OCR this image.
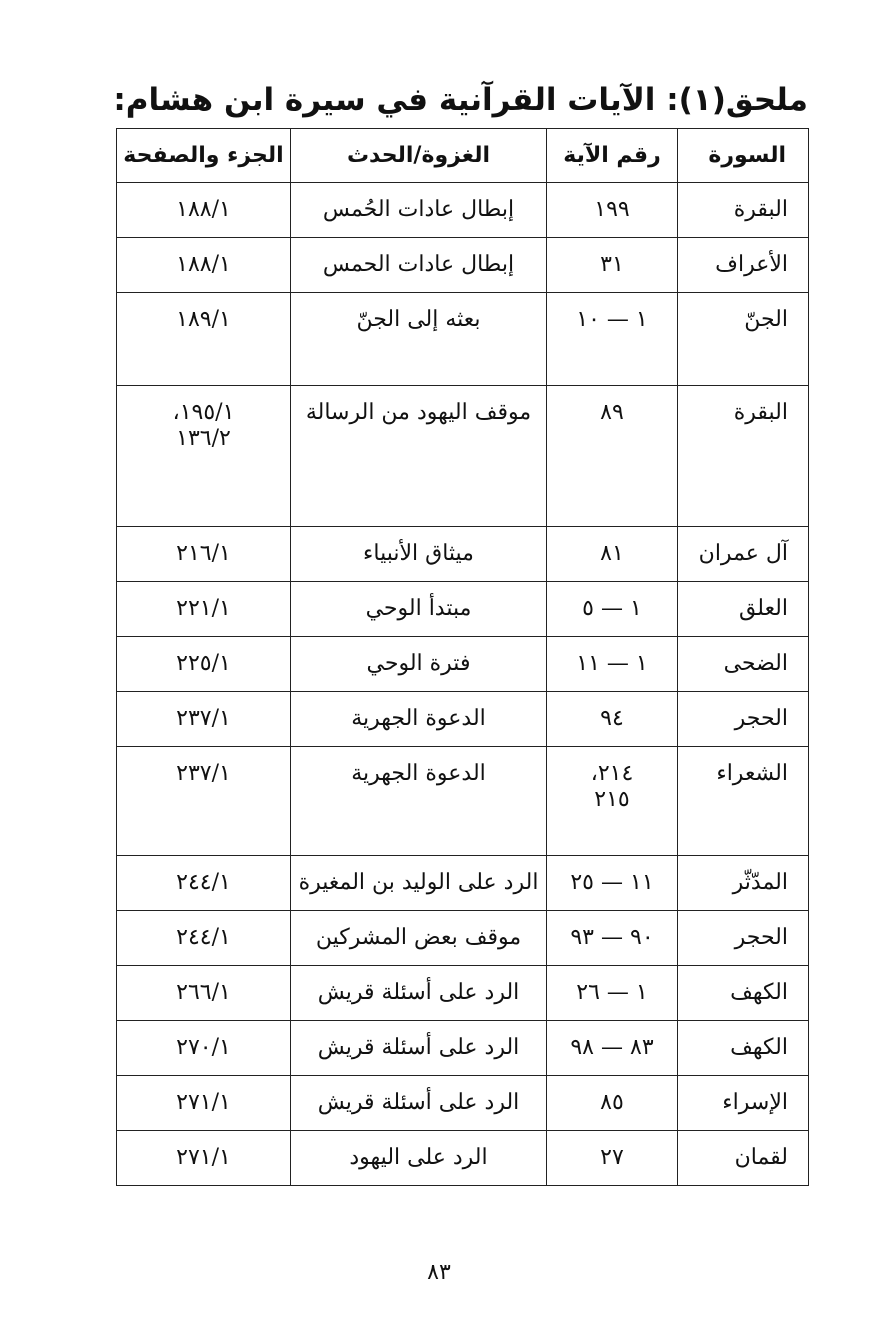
ملحق(١): الآيات القرآنية في سيرة ابن هشام:
السورة	رقم الآية	الغزوة/الحدث	الجزء والصفحة

البقرة	١٩٩	إبطال عادات الحُمس	١٨٨/١

الأعراف	٣١	إبطال عادات الحمس	١٨٨/١

الجنّ	١ — ١٠	بعثه إلى الجنّ	١٨٩/١

البقرة	٨٩	موقف اليهود من الرسالة	١٩٥/١،
١٣٦/٢

آل عمران	٨١	ميثاق الأنبياء	٢١٦/١

العلق	١ — ٥	مبتدأ الوحي	٢٢١/١

الضحى	١ — ١١	فترة الوحي	٢٢٥/١

الحجر	٩٤	الدعوة الجهرية	٢٣٧/١

الشعراء	٢١٤،
٢١٥	الدعوة الجهرية	٢٣٧/١

المدّثّر	١١ — ٢٥	الرد على الوليد بن المغيرة	٢٤٤/١

الحجر	٩٠ — ٩٣	موقف بعض المشركين	٢٤٤/١

الكهف	١ — ٢٦	الرد على أسئلة قريش	٢٦٦/١

الكهف	٨٣ — ٩٨	الرد على أسئلة قريش	٢٧٠/١

الإسراء	٨٥	الرد على أسئلة قريش	٢٧١/١

لقمان	٢٧	الرد على اليهود	٢٧١/١
٨٣
